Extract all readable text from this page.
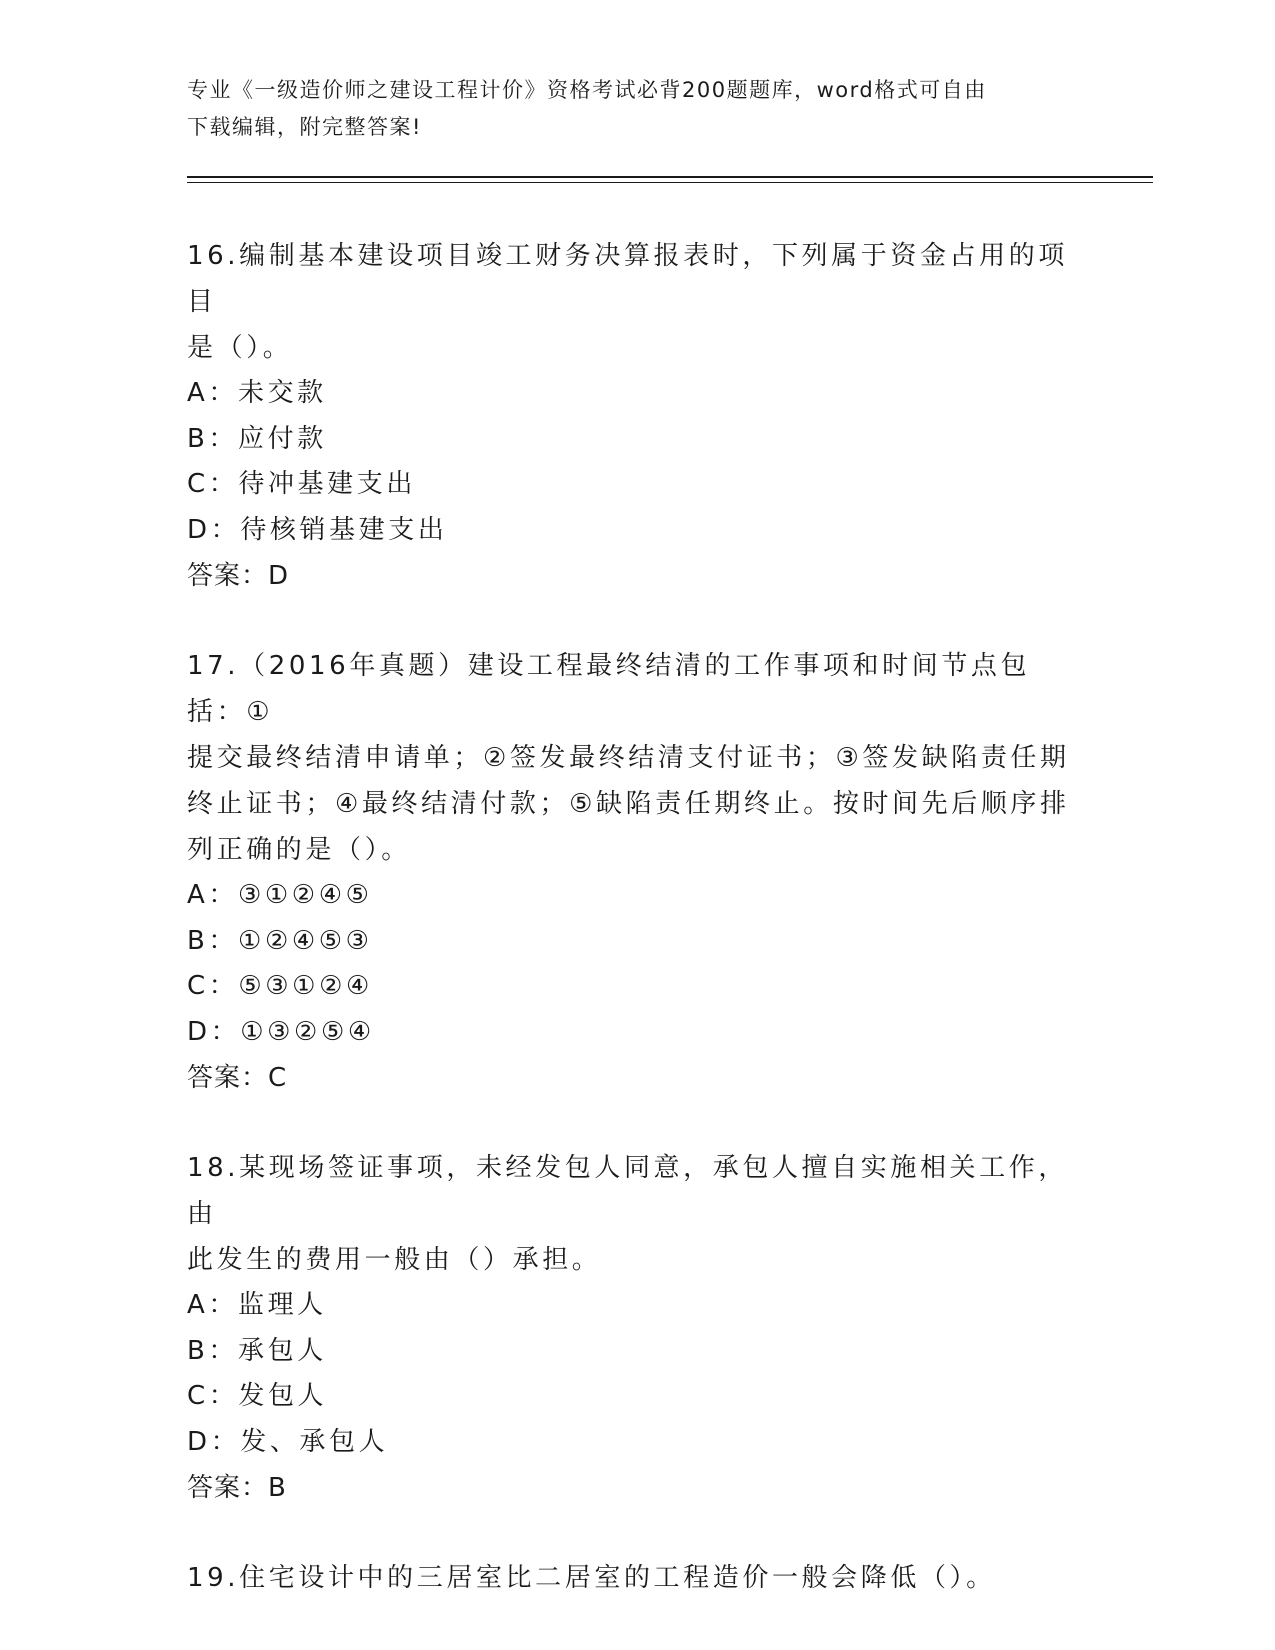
专业《一级造价师之建设工程计价》资格考试必背200题题库，word格式可自由
下载编辑，附完整答案!
16.编制基本建设项目竣工财务决算报表时，下列属于资金占用的项目
是（）。
A：未交款
B：应付款
C：待冲基建支出
D：待核销基建支出
答案：D
17.（2016年真题）建设工程最终结清的工作事项和时间节点包括：①
提交最终结清申请单；②签发最终结清支付证书；③签发缺陷责任期
终止证书；④最终结清付款；⑤缺陷责任期终止。按时间先后顺序排
列正确的是（）。
A：③①②④⑤
B：①②④⑤③
C：⑤③①②④
D：①③②⑤④
答案：C
18.某现场签证事项，未经发包人同意，承包人擅自实施相关工作，由
此发生的费用一般由（）承担。
A：监理人
B：承包人
C：发包人
D：发、承包人
答案：B
19.住宅设计中的三居室比二居室的工程造价一般会降低（）。
